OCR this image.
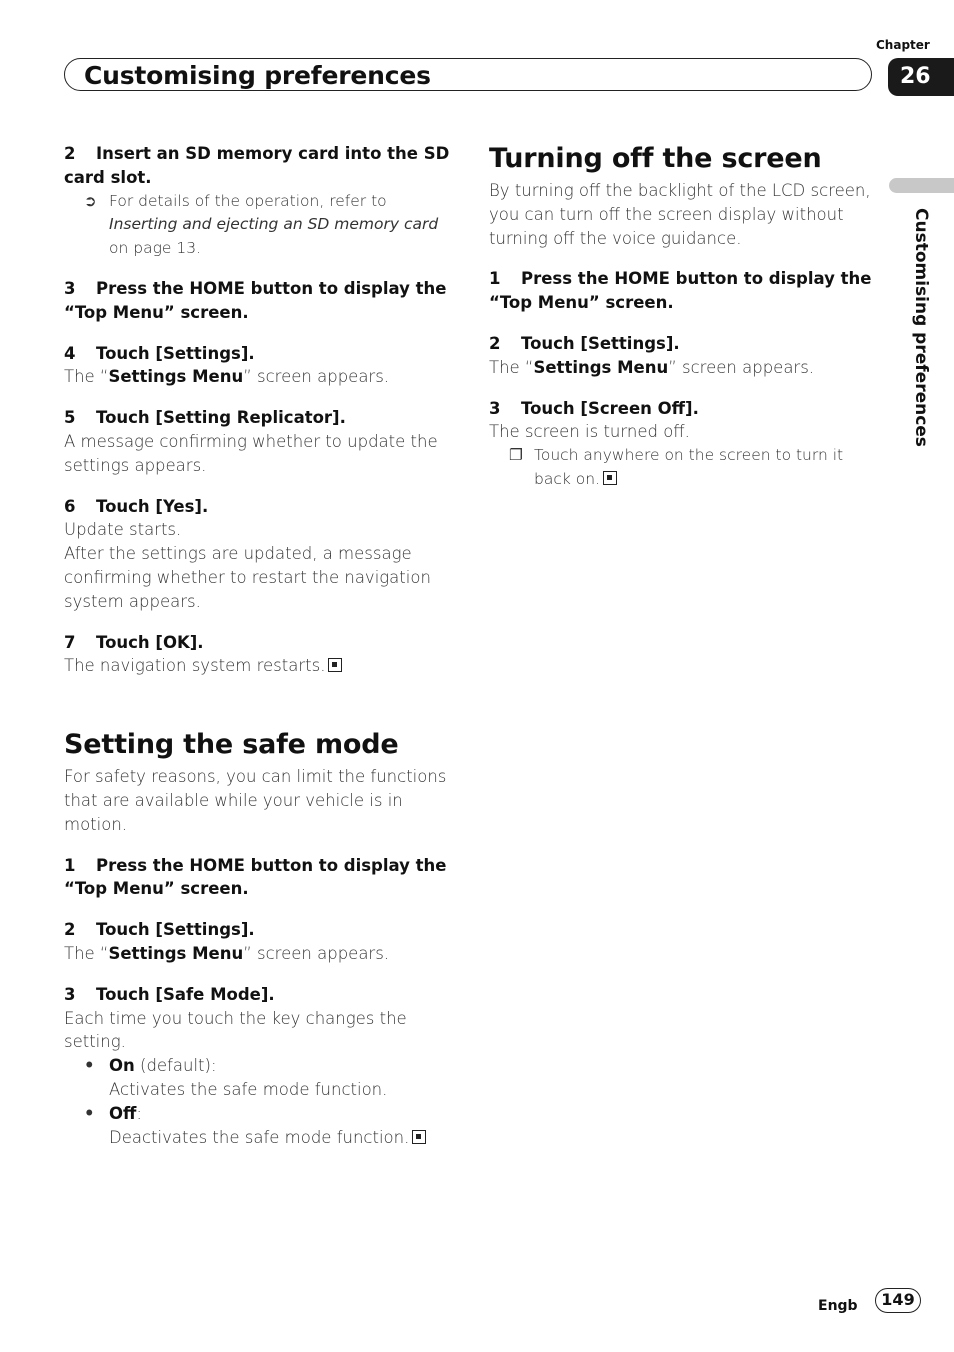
Chapter
Customising preferences	26
Customising preferences

2 Insert an SD memory card into the SD card slot.

➲ For details of the operation, refer to Inserting and ejecting an SD memory card on page 13.

3 Press the HOME button to display the “Top Menu” screen.

4 Touch [Settings].

The “Settings Menu” screen appears.

5 Touch [Setting Replicator].

A message confirming whether to update the settings appears.

6 Touch [Yes].

Update starts.

After the settings are updated, a message confirming whether to restart the navigation system appears.

7 Touch [OK].

The navigation system restarts.

Setting the safe mode

For safety reasons, you can limit the functions that are available while your vehicle is in motion.

1 Press the HOME button to display the “Top Menu” screen.

2 Touch [Settings].

The “Settings Menu” screen appears.

3 Touch [Safe Mode].

Each time you touch the key changes the setting.

• On (default):

Activates the safe mode function.

• Off:

Deactivates the safe mode function.

Turning off the screen

By turning off the backlight of the LCD screen, you can turn off the screen display without turning off the voice guidance.

1 Press the HOME button to display the “Top Menu” screen.

2 Touch [Settings].

The “Settings Menu” screen appears.

3 Touch [Screen Off].

The screen is turned off.

❐ Touch anywhere on the screen to turn it back on.

Engb	149
